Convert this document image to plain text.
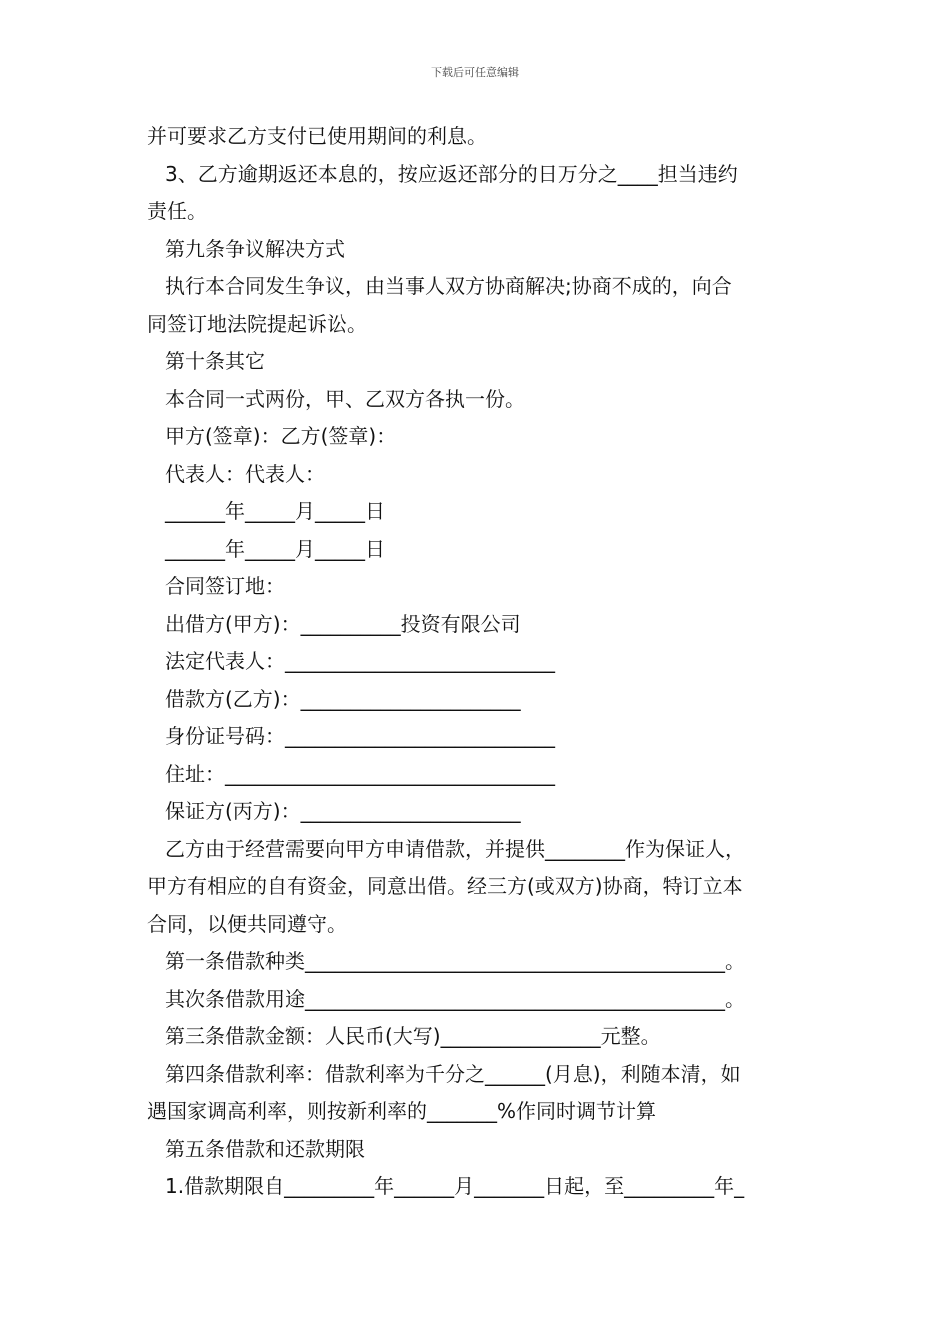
下载后可任意编辑
并可要求乙方支付已使用期间的利息。
3、乙方逾期返还本息的，按应返还部分的日万分之____担当违约
责任。
第九条争议解决方式
执行本合同发生争议，由当事人双方协商解决;协商不成的，向合
同签订地法院提起诉讼。
第十条其它
本合同一式两份，甲、乙双方各执一份。
甲方(签章)：乙方(签章)：
代表人：代表人：
______年_____月_____日
______年_____月_____日
合同签订地：
出借方(甲方)：__________投资有限公司
法定代表人：___________________________
借款方(乙方)：______________________
身份证号码：___________________________
住址：_________________________________
保证方(丙方)：______________________
乙方由于经营需要向甲方申请借款，并提供________作为保证人，
甲方有相应的自有资金，同意出借。经三方(或双方)协商，特订立本
合同，以便共同遵守。
第一条借款种类__________________________________________。
其次条借款用途__________________________________________。
第三条借款金额：人民币(大写)________________元整。
第四条借款利率：借款利率为千分之______(月息)，利随本清，如
遇国家调高利率，则按新利率的_______%作同时调节计算
第五条借款和还款期限
1.借款期限自_________年______月_______日起，至_________年_
